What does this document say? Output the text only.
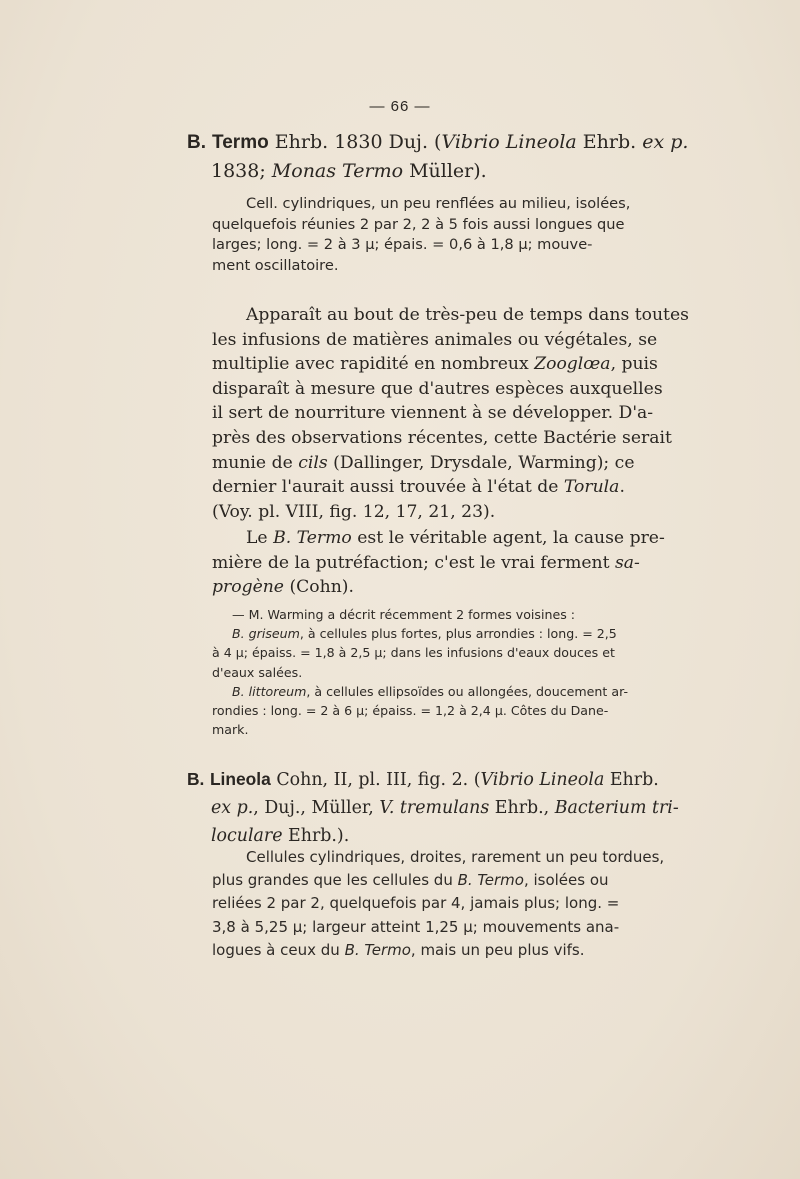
— 66 —
B. Termo Ehrb. 1830 Duj. (Vibrio Lineola Ehrb. ex p.
1838; Monas Termo Müller).
Cell. cylindriques, un peu renflées au milieu, isolées,
quelquefois réunies 2 par 2, 2 à 5 fois aussi longues que
larges; long. = 2 à 3 µ; épais. = 0,6 à 1,8 µ; mouve-
ment oscillatoire.
Apparaît au bout de très-peu de temps dans toutes
les infusions de matières animales ou végétales, se
multiplie avec rapidité en nombreux Zooglœa, puis
disparaît à mesure que d'autres espèces auxquelles
il sert de nourriture viennent à se développer. D'a-
près des observations récentes, cette Bactérie serait
munie de cils (Dallinger, Drysdale, Warming); ce
dernier l'aurait aussi trouvée à l'état de Torula.
(Voy. pl. VIII, fig. 12, 17, 21, 23).
Le B. Termo est le véritable agent, la cause pre-
mière de la putréfaction; c'est le vrai ferment sa-
progène (Cohn).
— M. Warming a décrit récemment 2 formes voisines :
B. griseum, à cellules plus fortes, plus arrondies : long. = 2,5
à 4 µ; épaiss. = 1,8 à 2,5 µ; dans les infusions d'eaux douces et
d'eaux salées.
B. littoreum, à cellules ellipsoïdes ou allongées, doucement ar-
rondies : long. = 2 à 6 µ; épaiss. = 1,2 à 2,4 µ. Côtes du Dane-
mark.
B. Lineola Cohn, II, pl. III, fig. 2. (Vibrio Lineola Ehrb.
ex p., Duj., Müller, V. tremulans Ehrb., Bacterium tri-
loculare Ehrb.).
Cellules cylindriques, droites, rarement un peu tordues,
plus grandes que les cellules du B. Termo, isolées ou
reliées 2 par 2, quelquefois par 4, jamais plus; long. =
3,8 à 5,25 µ; largeur atteint 1,25 µ; mouvements ana-
logues à ceux du B. Termo, mais un peu plus vifs.
